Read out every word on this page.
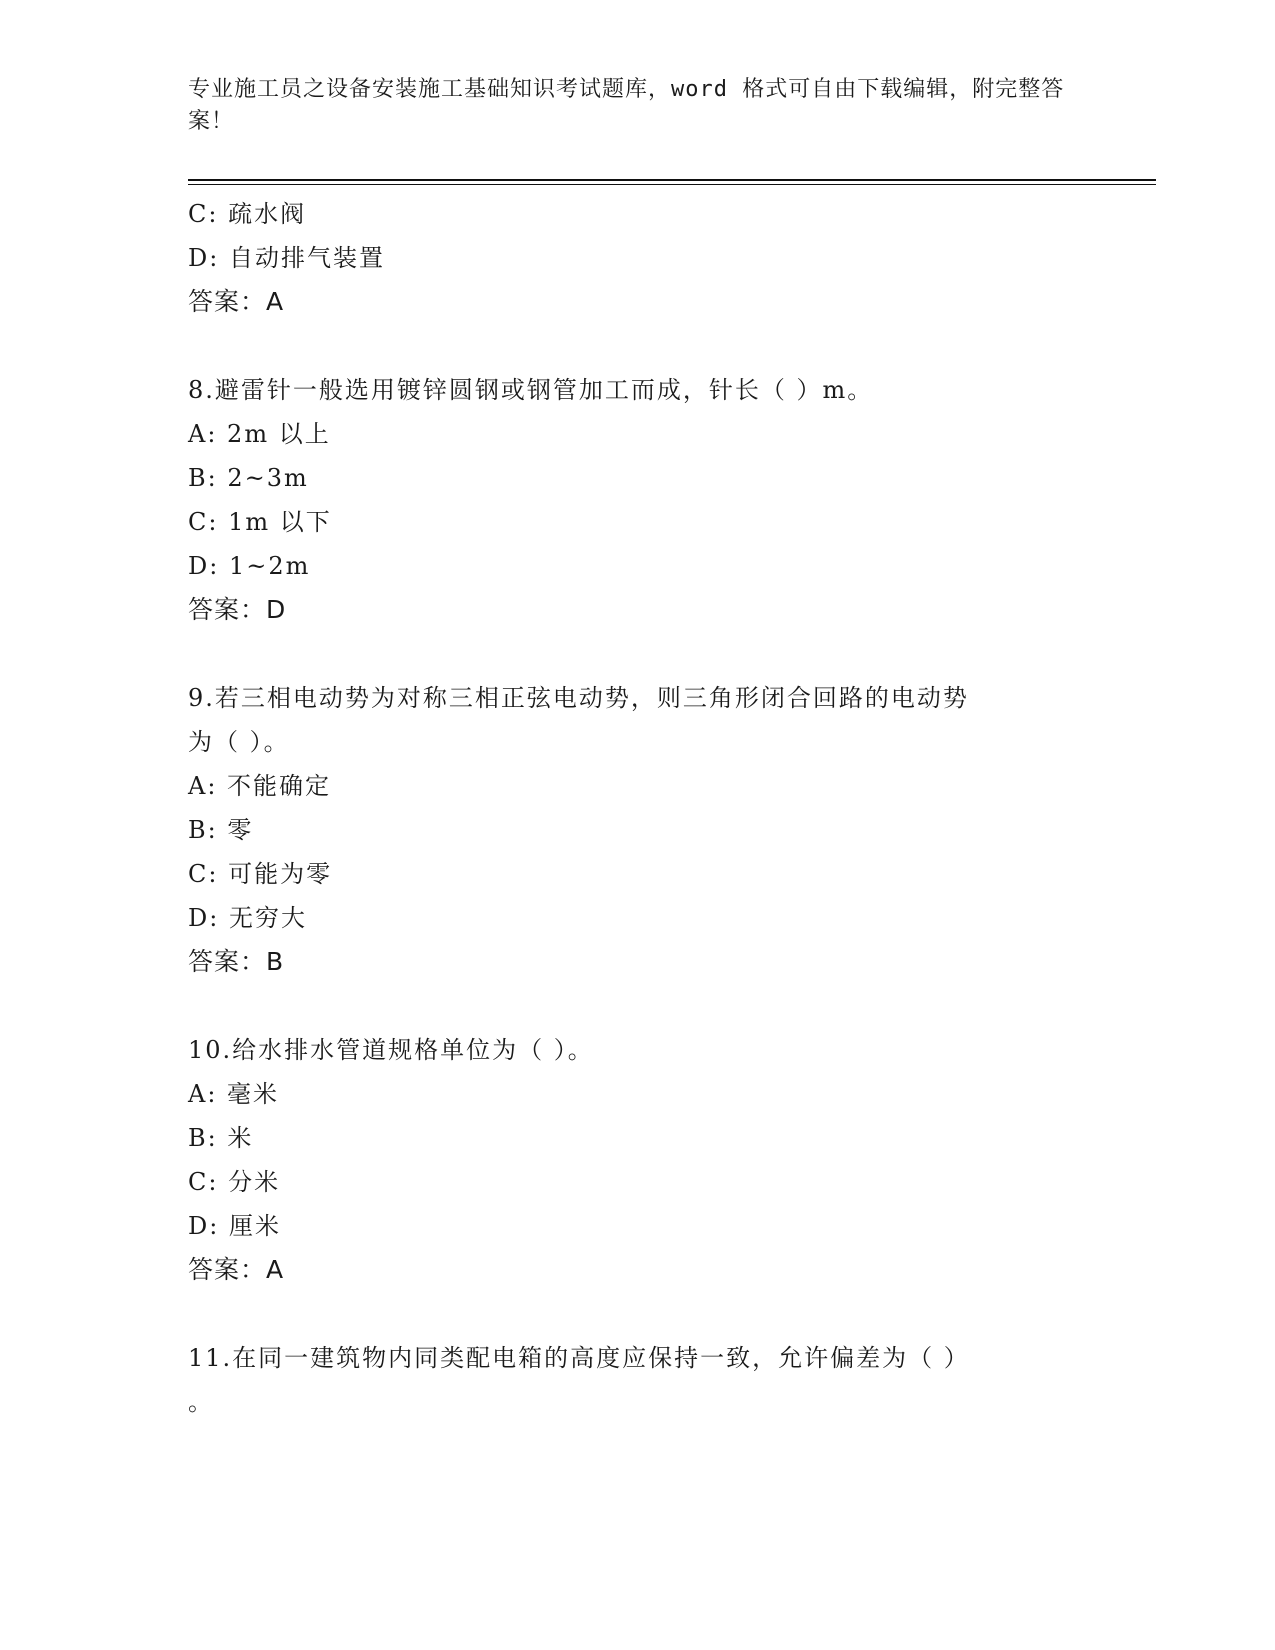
专业施工员之设备安装施工基础知识考试题库，word 格式可自由下载编辑，附完整答案！
C: 疏水阀
D: 自动排气装置
答案：A
8.避雷针一般选用镀锌圆钢或钢管加工而成，针长（ ）m。
A: 2m 以上
B: 2~3m
C: 1m 以下
D: 1~2m
答案：D
9.若三相电动势为对称三相正弦电动势，则三角形闭合回路的电动势
为（ ）。
A: 不能确定
B: 零
C: 可能为零
D: 无穷大
答案：B
10.给水排水管道规格单位为（ ）。
A: 毫米
B: 米
C: 分米
D: 厘米
答案：A
11.在同一建筑物内同类配电箱的高度应保持一致，允许偏差为（ ）
。
